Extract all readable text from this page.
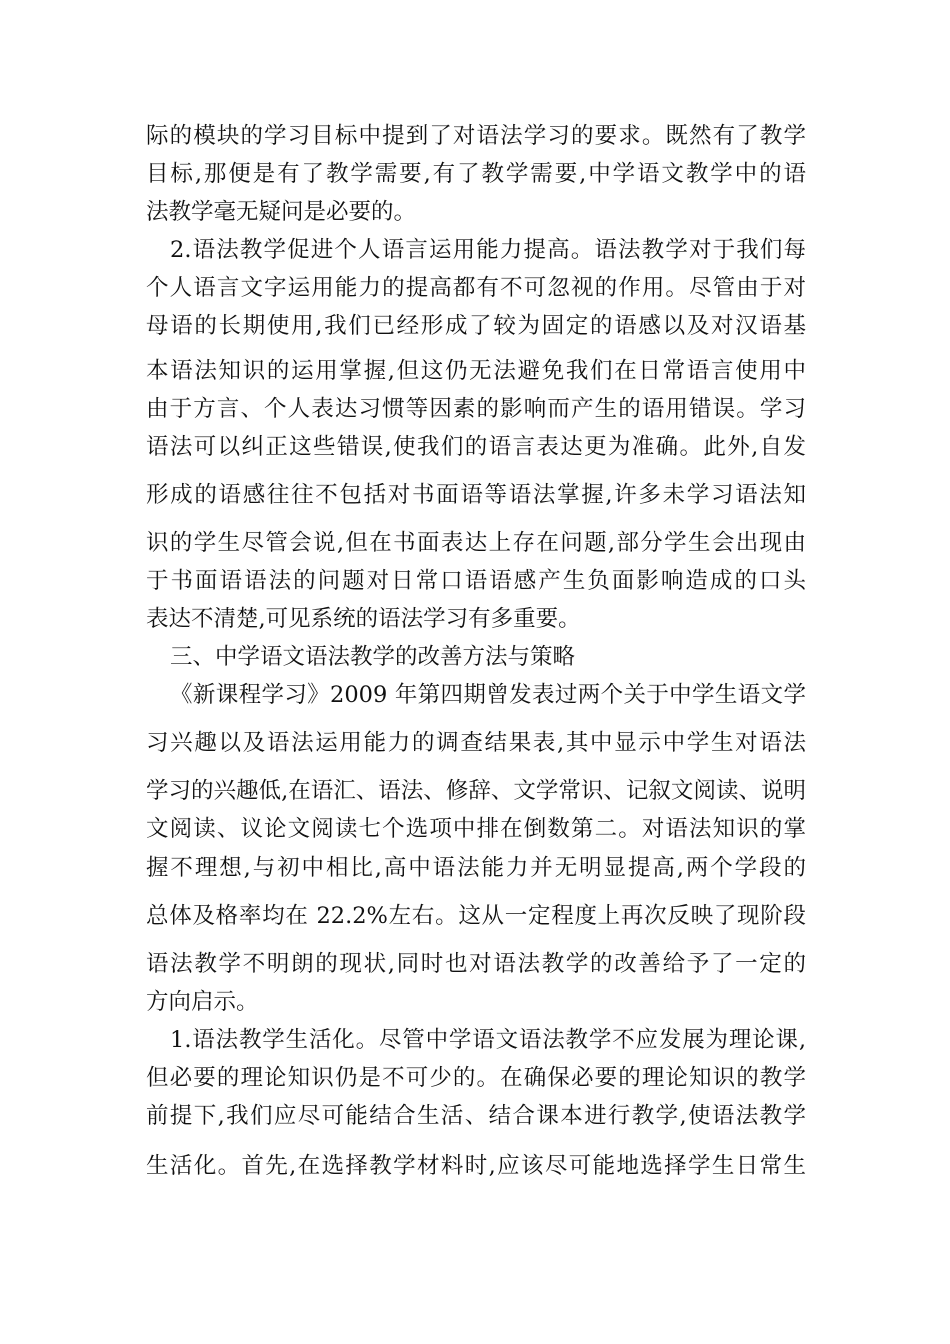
际的模块的学习目标中提到了对语法学习的要求。既然有了教学
目标,那便是有了教学需要,有了教学需要,中学语文教学中的语
法教学毫无疑问是必要的。
2.语法教学促进个人语言运用能力提高。语法教学对于我们每
个人语言文字运用能力的提高都有不可忽视的作用。尽管由于对
母语的长期使用,我们已经形成了较为固定的语感以及对汉语基
本语法知识的运用掌握,但这仍无法避免我们在日常语言使用中
由于方言、个人表达习惯等因素的影响而产生的语用错误。学习
语法可以纠正这些错误,使我们的语言表达更为准确。此外,自发
形成的语感往往不包括对书面语等语法掌握,许多未学习语法知
识的学生尽管会说,但在书面表达上存在问题,部分学生会出现由
于书面语语法的问题对日常口语语感产生负面影响造成的口头
表达不清楚,可见系统的语法学习有多重要。
三、中学语文语法教学的改善方法与策略
《新课程学习》2009 年第四期曾发表过两个关于中学生语文学
习兴趣以及语法运用能力的调查结果表,其中显示中学生对语法
学习的兴趣低,在语汇、语法、修辞、文学常识、记叙文阅读、说明
文阅读、议论文阅读七个选项中排在倒数第二。对语法知识的掌
握不理想,与初中相比,高中语法能力并无明显提高,两个学段的
总体及格率均在 22.2%左右。这从一定程度上再次反映了现阶段
语法教学不明朗的现状,同时也对语法教学的改善给予了一定的
方向启示。
1.语法教学生活化。尽管中学语文语法教学不应发展为理论课,
但必要的理论知识仍是不可少的。在确保必要的理论知识的教学
前提下,我们应尽可能结合生活、结合课本进行教学,使语法教学
生活化。首先,在选择教学材料时,应该尽可能地选择学生日常生
